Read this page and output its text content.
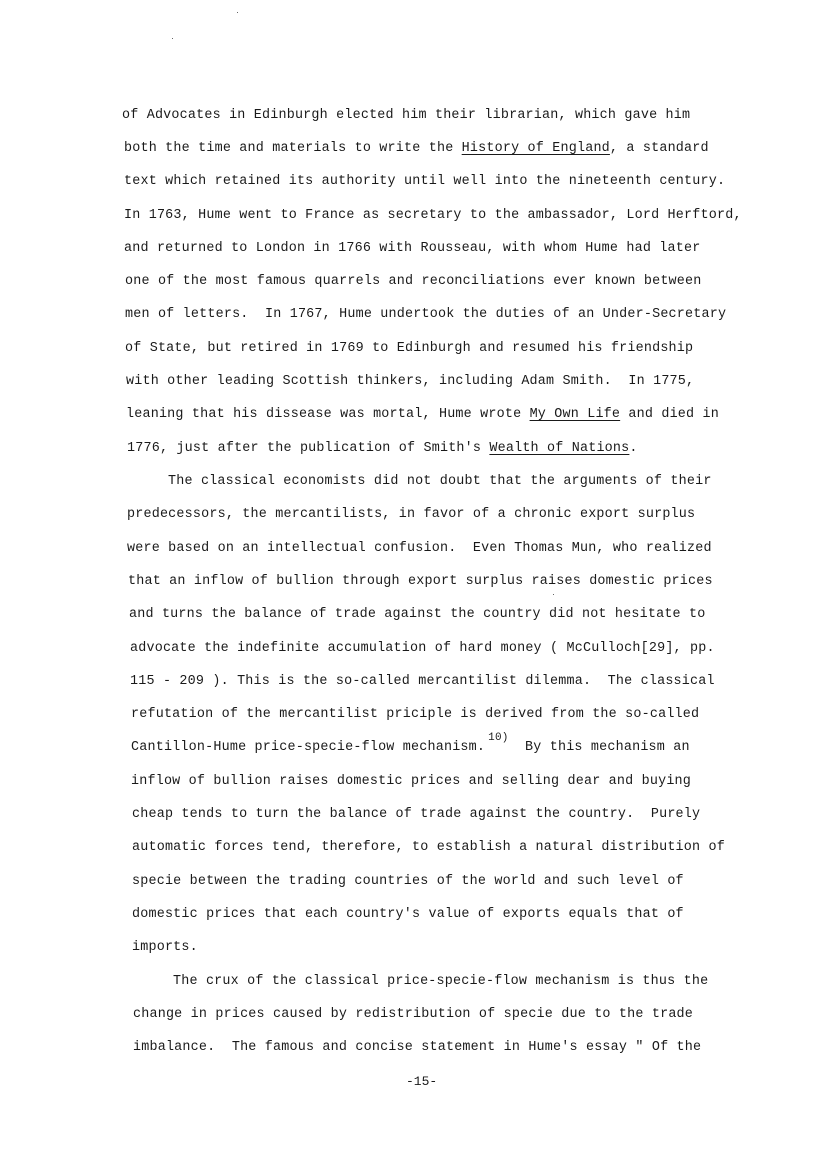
of Advocates in Edinburgh elected him their librarian, which gave him
both the time and materials to write the History of England, a standard
text which retained its authority until well into the nineteenth century.
In 1763, Hume went to France as secretary to the ambassador, Lord Herftord,
and returned to London in 1766 with Rousseau, with whom Hume had later
one of the most famous quarrels and reconciliations ever known between
men of letters.  In 1767, Hume undertook the duties of an Under-Secretary
of State, but retired in 1769 to Edinburgh and resumed his friendship
with other leading Scottish thinkers, including Adam Smith.  In 1775,
leaning that his dissease was mortal, Hume wrote My Own Life and died in
1776, just after the publication of Smith's Wealth of Nations.
The classical economists did not doubt that the arguments of their
predecessors, the mercantilists, in favor of a chronic export surplus
were based on an intellectual confusion.  Even Thomas Mun, who realized
that an inflow of bullion through export surplus raises domestic prices
and turns the balance of trade against the country did not hesitate to
advocate the indefinite accumulation of hard money ( McCulloch[29], pp.
115 - 209 ). This is the so-called mercantilist dilemma.  The classical
refutation of the mercantilist priciple is derived from the so-called
Cantillon-Hume price-specie-flow mechanism.$^{10)}$  By this mechanism an
inflow of bullion raises domestic prices and selling dear and buying
cheap tends to turn the balance of trade against the country.  Purely
automatic forces tend, therefore, to establish a natural distribution of
specie between the trading countries of the world and such level of
domestic prices that each country's value of exports equals that of
imports.
The crux of the classical price-specie-flow mechanism is thus the
change in prices caused by redistribution of specie due to the trade
imbalance.  The famous and concise statement in Hume's essay " Of the
-15-
